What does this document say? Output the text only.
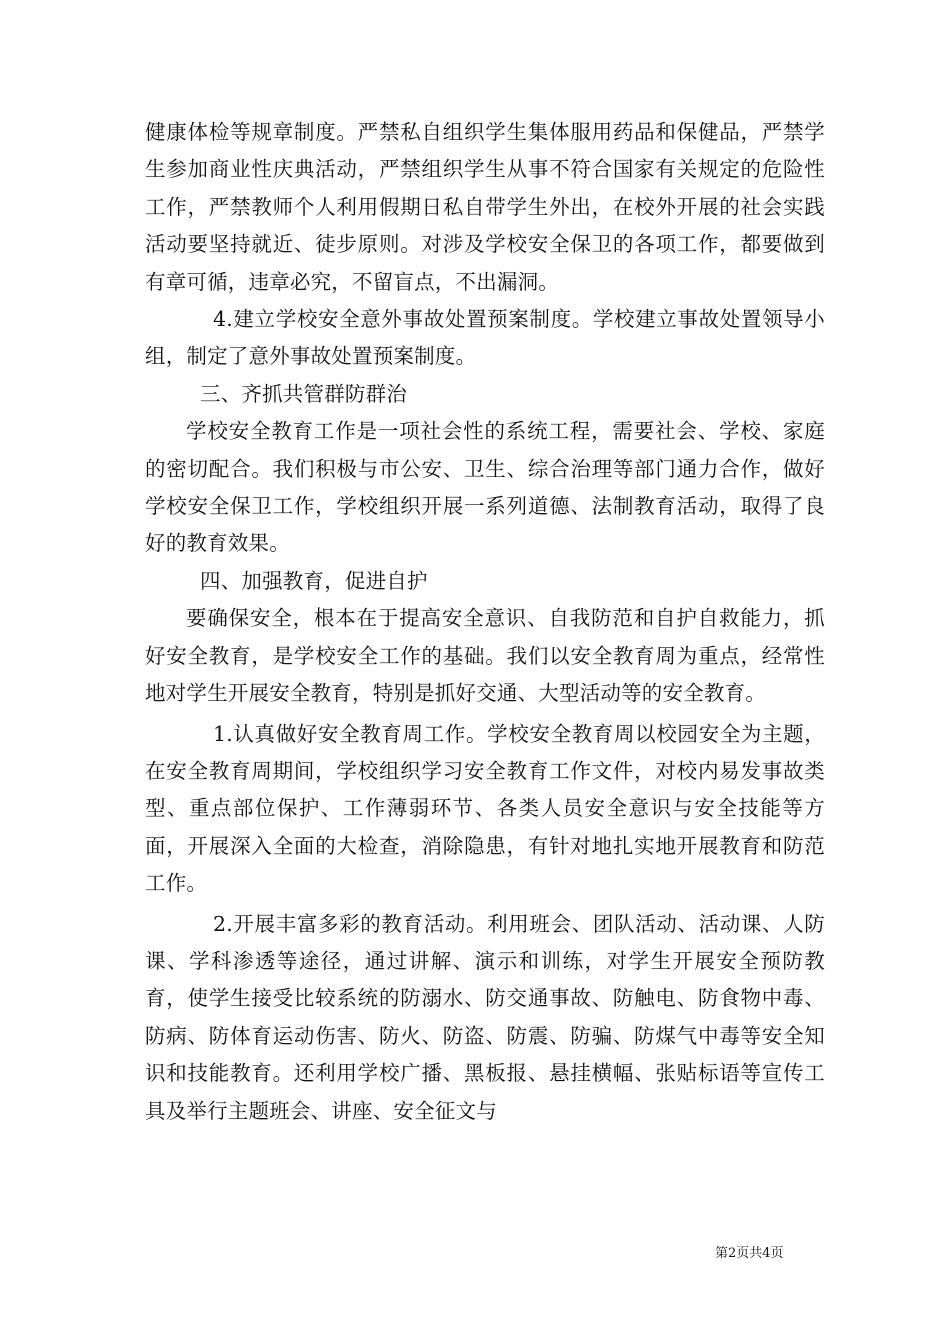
健康体检等规章制度。严禁私自组织学生集体服用药品和保健品，严禁学生参加商业性庆典活动，严禁组织学生从事不符合国家有关规定的危险性工作，严禁教师个人利用假期日私自带学生外出，在校外开展的社会实践活动要坚持就近、徒步原则。对涉及学校安全保卫的各项工作，都要做到有章可循，违章必究，不留盲点，不出漏洞。

4.建立学校安全意外事故处置预案制度。学校建立事故处置领导小组，制定了意外事故处置预案制度。

三、齐抓共管群防群治

学校安全教育工作是一项社会性的系统工程，需要社会、学校、家庭的密切配合。我们积极与市公安、卫生、综合治理等部门通力合作，做好学校安全保卫工作，学校组织开展一系列道德、法制教育活动，取得了良好的教育效果。

四、加强教育，促进自护

要确保安全，根本在于提高安全意识、自我防范和自护自救能力，抓好安全教育，是学校安全工作的基础。我们以安全教育周为重点，经常性地对学生开展安全教育，特别是抓好交通、大型活动等的安全教育。

1.认真做好安全教育周工作。学校安全教育周以校园安全为主题，在安全教育周期间，学校组织学习安全教育工作文件，对校内易发事故类型、重点部位保护、工作薄弱环节、各类人员安全意识与安全技能等方面，开展深入全面的大检查，消除隐患，有针对地扎实地开展教育和防范工作。

2.开展丰富多彩的教育活动。利用班会、团队活动、活动课、人防课、学科渗透等途径，通过讲解、演示和训练，对学生开展安全预防教育，使学生接受比较系统的防溺水、防交通事故、防触电、防食物中毒、防病、防体育运动伤害、防火、防盗、防震、防骗、防煤气中毒等安全知识和技能教育。还利用学校广播、黑板报、悬挂横幅、张贴标语等宣传工具及举行主题班会、讲座、安全征文与

第2页共4页
